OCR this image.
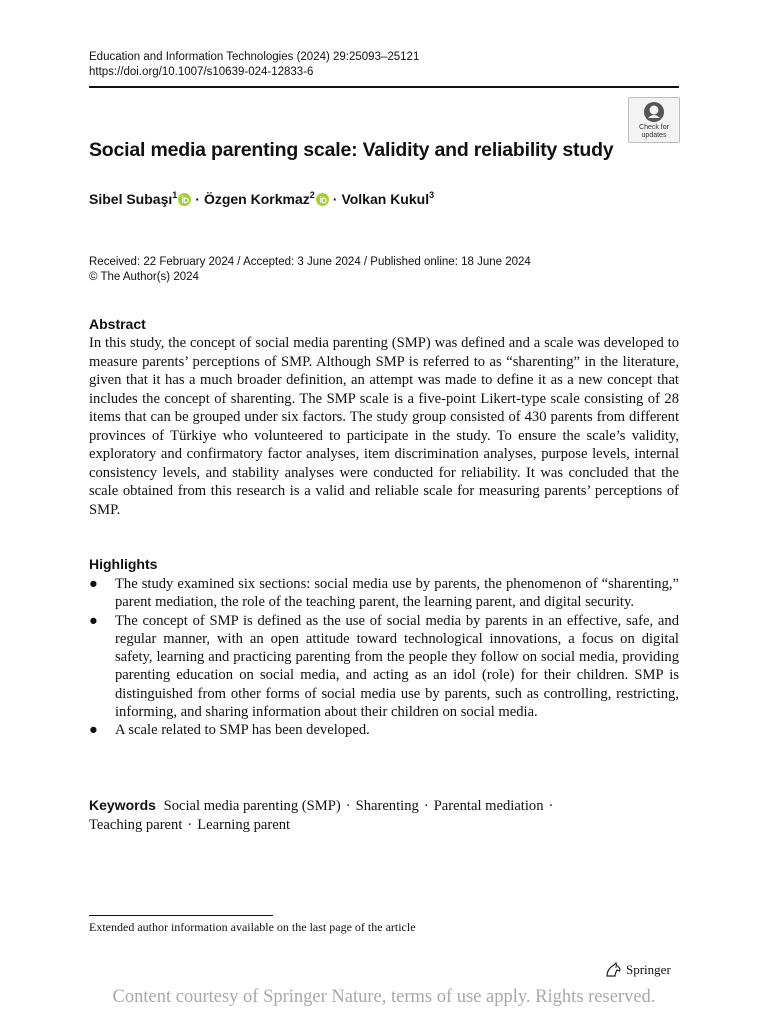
Education and Information Technologies (2024) 29:25093–25121
https://doi.org/10.1007/s10639-024-12833-6
Check for
updates
Social media parenting scale: Validity and reliability study
Sibel Subaşı$^1$ · Özgen Korkmaz$^2$ · Volkan Kukul$^3$
Received: 22 February 2024 / Accepted: 3 June 2024 / Published online: 18 June 2024
© The Author(s) 2024
Abstract

In this study, the concept of social media parenting (SMP) was defined and a scale was developed to measure parents’ perceptions of SMP. Although SMP is referred to as “sharenting” in the literature, given that it has a much broader definition, an attempt was made to define it as a new concept that includes the concept of sharenting. The SMP scale is a five-point Likert-type scale consisting of 28 items that can be grouped under six factors. The study group consisted of 430 parents from different provinces of Türkiye who volunteered to participate in the study. To ensure the scale’s validity, exploratory and confirmatory factor analyses, item discrimination analyses, purpose levels, internal consistency levels, and stability analyses were conducted for reliability. It was concluded that the scale obtained from this research is a valid and reliable scale for measuring parents’ perceptions of SMP.

Highlights
● The study examined six sections: social media use by parents, the phenomenon of “sharenting,” parent mediation, the role of the teaching parent, the learning parent, and digital security.
● The concept of SMP is defined as the use of social media by parents in an effective, safe, and regular manner, with an open attitude toward technological innovations, a focus on digital safety, learning and practicing parenting from the people they follow on social media, providing parenting education on social media, and acting as an idol (role) for their children. SMP is distinguished from other forms of social media use by parents, such as controlling, restricting, informing, and sharing information about their children on social media.
● A scale related to SMP has been developed.
Keywords Social media parenting (SMP) · Sharenting · Parental mediation ·
Teaching parent · Learning parent
Extended author information available on the last page of the article
Springer
Content courtesy of Springer Nature, terms of use apply. Rights reserved.
